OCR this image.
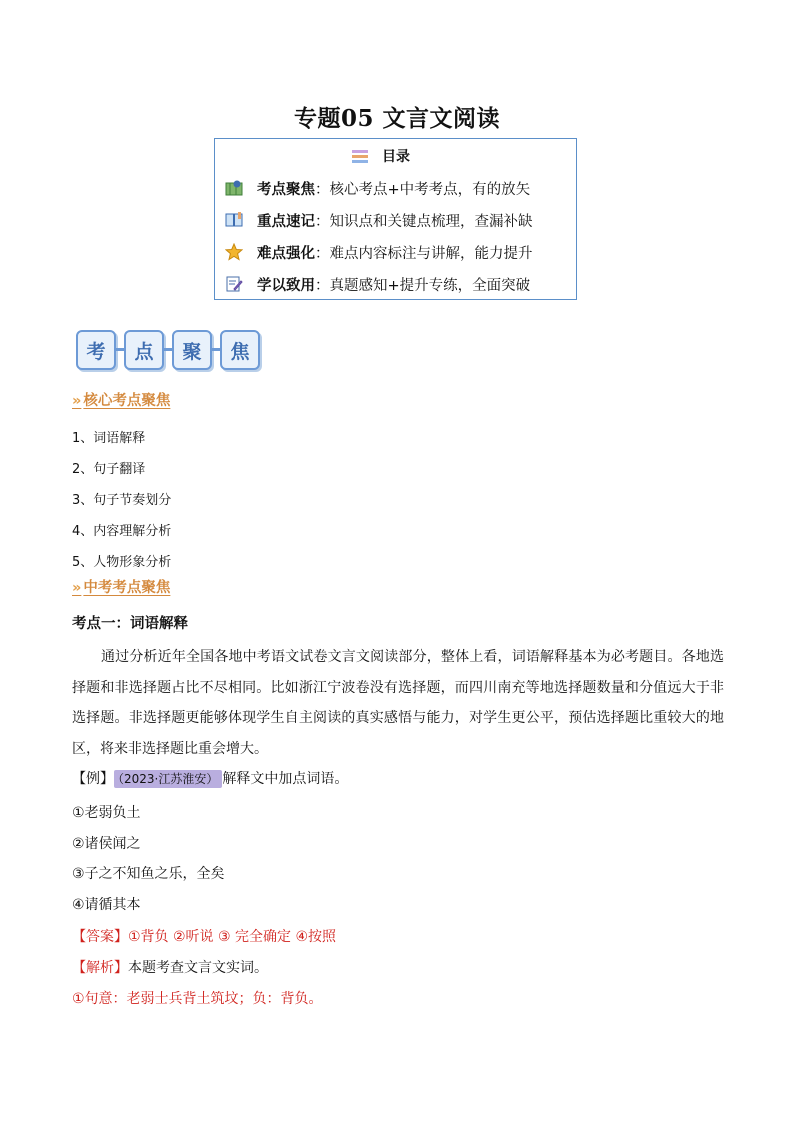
专题05 文言文阅读
目录
考点聚焦 ：核心考点+中考考点，有的放矢
重点速记 ：知识点和关键点梳理，查漏补缺
难点强化 ：难点内容标注与讲解，能力提升
学以致用 ：真题感知+提升专练，全面突破
考	点	聚	焦
» 核心考点聚焦
1、词语解释
2、句子翻译
3、句子节奏划分
4、内容理解分析
5、人物形象分析
» 中考考点聚焦
考点一：词语解释
通过分析近年全国各地中考语文试卷文言文阅读部分，整体上看，词语解释基本为必考题目。各地选择题和非选择题占比不尽相同。比如浙江宁波卷没有选择题，而四川南充等地选择题数量和分值远大于非选择题。非选择题更能够体现学生自主阅读的真实感悟与能力，对学生更公平，预估选择题比重较大的地区，将来非选择题比重会增大。
【例】 （2023·江苏淮安） 解释文中加点词语。
①老弱负土
②诸侯闻之
③子之不知鱼之乐，全矣
④请循其本
【答案】①背负 ②听说 ③ 完全确定 ④按照
【解析】本题考查文言文实词。
①句意：老弱士兵背土筑坟；负：背负。
